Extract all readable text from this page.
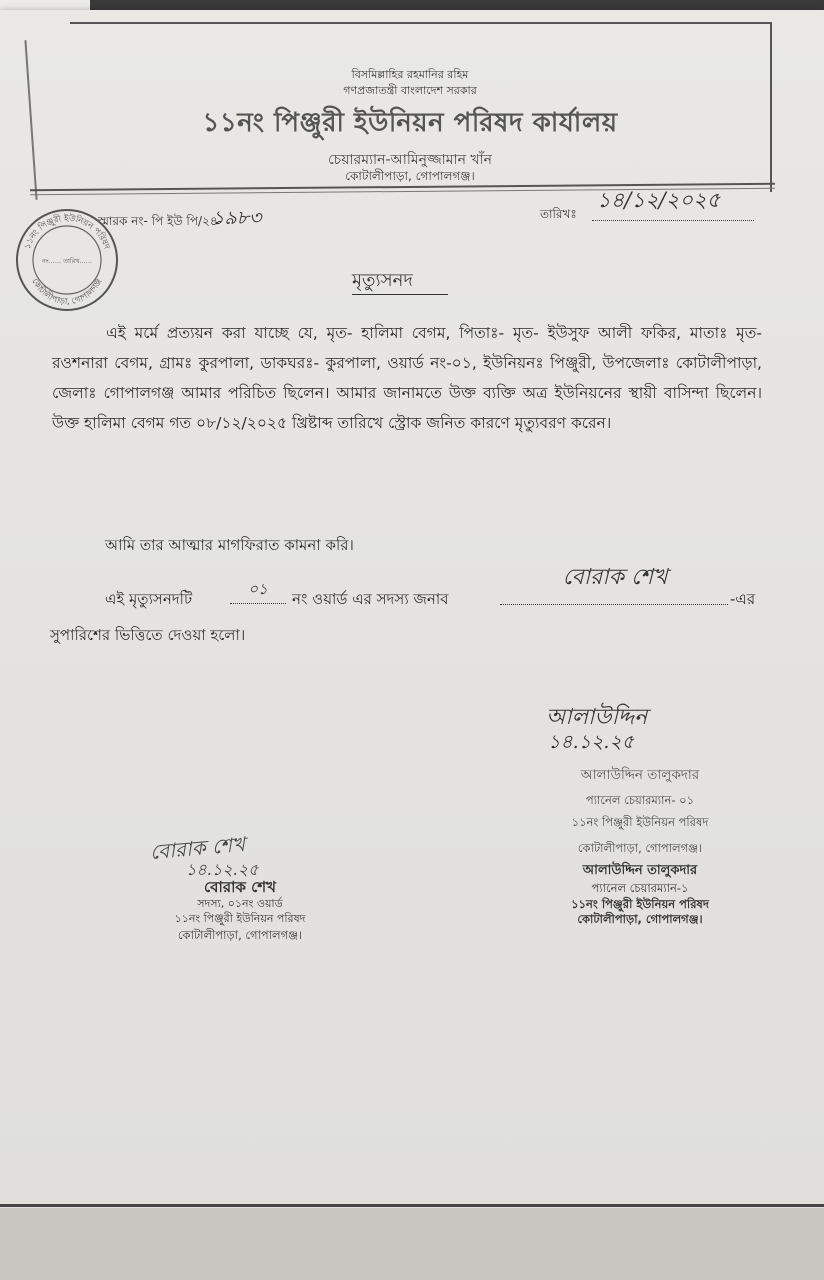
বিসমিল্লাহির রহমানির রহিম
গণপ্রজাতন্ত্রী বাংলাদেশ সরকার
১১নং পিঞ্জুরী ইউনিয়ন পরিষদ কার্যালয়
চেয়ারম্যান-আমিনুজ্জামান খাঁন
কোটালীপাড়া, গোপালগঞ্জ।
স্মারক নং- পি ইউ পি/২৪-
১৯৮৩	তারিখঃ
১৪/১২/২০২৫
১১নং পিঞ্জুরী ইউনিয়ন পরিষদ
কোটালীপাড়া, গোপালগঞ্জ
নং...... তারিখ......
মৃত্যুসনদ
এই মর্মে প্রত্যয়ন করা যাচ্ছে যে, মৃত- হালিমা বেগম, পিতাঃ- মৃত- ইউসুফ আলী ফকির, মাতাঃ মৃত- রওশনারা বেগম, গ্রামঃ কুরপালা, ডাকঘরঃ- কুরপালা, ওয়ার্ড নং-০১, ইউনিয়নঃ পিঞ্জুরী, উপজেলাঃ কোটালীপাড়া, জেলাঃ গোপালগঞ্জ আমার পরিচিত ছিলেন। আমার জানামতে উক্ত ব্যক্তি অত্র ইউনিয়নের স্থায়ী বাসিন্দা ছিলেন। উক্ত হালিমা বেগম গত ০৮/১২/২০২৫ খ্রিষ্টাব্দ তারিখে স্ট্রোক জনিত কারণে মৃত্যুবরণ করেন।
আমি তার আত্মার মাগফিরাত কামনা করি।
এই মৃত্যুসনদটি
০১
নং ওয়ার্ড এর সদস্য জনাব
বোরাক শেখ
-এর
সুপারিশের ভিত্তিতে দেওয়া হলো।
আলাউদ্দিন
১৪.১২.২৫
আলাউদ্দিন তালুকদার
প্যানেল চেয়ারম্যান- ০১
১১নং পিঞ্জুরী ইউনিয়ন পরিষদ
কোটালীপাড়া, গোপালগঞ্জ।
আলাউদ্দিন তালুকদার
প্যানেল চেয়ারম্যান-১
১১নং পিঞ্জুরী ইউনিয়ন পরিষদ
কোটালীপাড়া, গোপালগঞ্জ।
বোরাক শেখ
১৪.১২.২৫
বোরাক শেখ
সদস্য, ০১নং ওয়ার্ড
১১নং পিঞ্জুরী ইউনিয়ন পরিষদ
কোটালীপাড়া, গোপালগঞ্জ।
